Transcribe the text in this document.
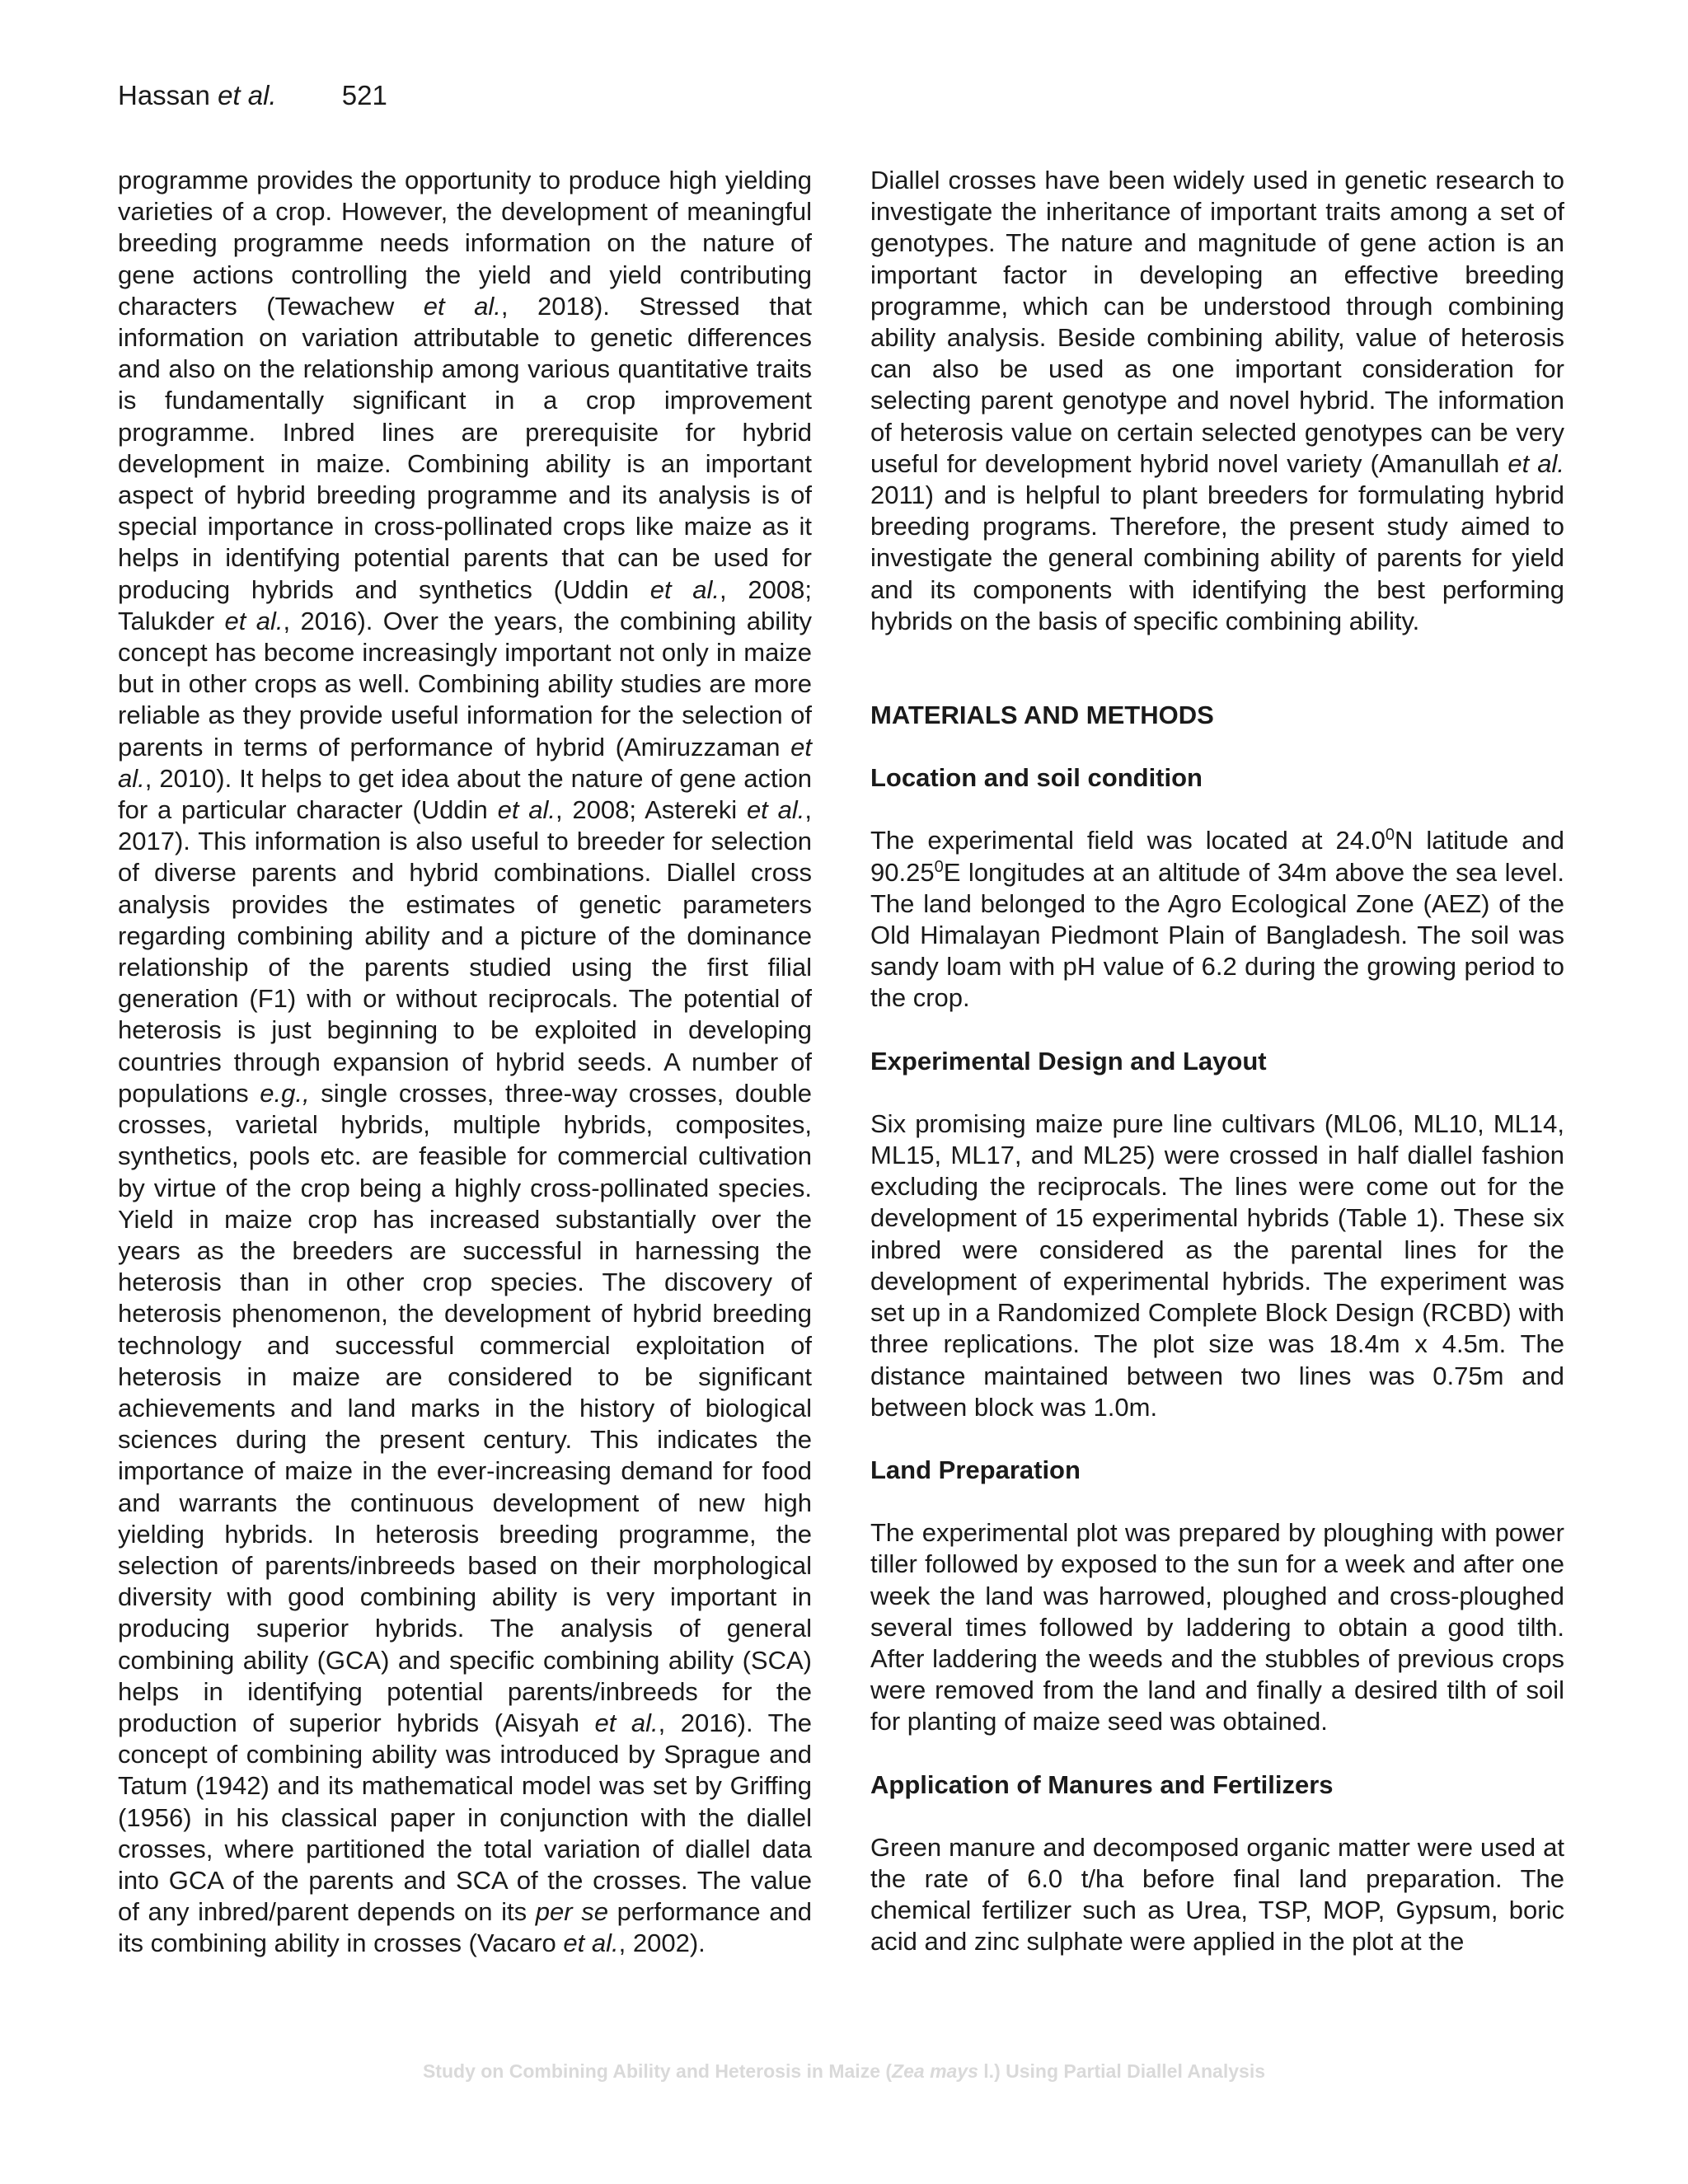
Hassan et al. 521

programme provides the opportunity to produce high yielding varieties of a crop. However, the development of meaningful breeding programme needs information on the nature of gene actions controlling the yield and yield contributing characters (Tewachew et al., 2018). Stressed that information on variation attributable to genetic differences and also on the relationship among various quantitative traits is fundamentally significant in a crop improvement programme. Inbred lines are prerequisite for hybrid development in maize. Combining ability is an important aspect of hybrid breeding programme and its analysis is of special importance in cross-pollinated crops like maize as it helps in identifying potential parents that can be used for producing hybrids and synthetics (Uddin et al., 2008; Talukder et al., 2016). Over the years, the combining ability concept has become increasingly important not only in maize but in other crops as well. Combining ability studies are more reliable as they provide useful information for the selection of parents in terms of performance of hybrid (Amiruzzaman et al., 2010). It helps to get idea about the nature of gene action for a particular character (Uddin et al., 2008; Astereki et al., 2017). This information is also useful to breeder for selection of diverse parents and hybrid combinations. Diallel cross analysis provides the estimates of genetic parameters regarding combining ability and a picture of the dominance relationship of the parents studied using the first filial generation (F1) with or without reciprocals. The potential of heterosis is just beginning to be exploited in developing countries through expansion of hybrid seeds. A number of populations e.g., single crosses, three-way crosses, double crosses, varietal hybrids, multiple hybrids, composites, synthetics, pools etc. are feasible for commercial cultivation by virtue of the crop being a highly cross-pollinated species. Yield in maize crop has increased substantially over the years as the breeders are successful in harnessing the heterosis than in other crop species. The discovery of heterosis phenomenon, the development of hybrid breeding technology and successful commercial exploitation of heterosis in maize are considered to be significant achievements and land marks in the history of biological sciences during the present century. This indicates the importance of maize in the ever-increasing demand for food and warrants the continuous development of new high yielding hybrids. In heterosis breeding programme, the selection of parents/inbreeds based on their morphological diversity with good combining ability is very important in producing superior hybrids. The analysis of general combining ability (GCA) and specific combining ability (SCA) helps in identifying potential parents/inbreeds for the production of superior hybrids (Aisyah et al., 2016). The concept of combining ability was introduced by Sprague and Tatum (1942) and its mathematical model was set by Griffing (1956) in his classical paper in conjunction with the diallel crosses, where partitioned the total variation of diallel data into GCA of the parents and SCA of the crosses. The value of any inbred/parent depends on its per se performance and its combining ability in crosses (Vacaro et al., 2002).

Diallel crosses have been widely used in genetic research to investigate the inheritance of important traits among a set of genotypes. The nature and magnitude of gene action is an important factor in developing an effective breeding programme, which can be understood through combining ability analysis. Beside combining ability, value of heterosis can also be used as one important consideration for selecting parent genotype and novel hybrid. The information of heterosis value on certain selected genotypes can be very useful for development hybrid novel variety (Amanullah et al. 2011) and is helpful to plant breeders for formulating hybrid breeding programs. Therefore, the present study aimed to investigate the general combining ability of parents for yield and its components with identifying the best performing hybrids on the basis of specific combining ability.

MATERIALS AND METHODS
Location and soil condition

The experimental field was located at 24.0$^0$N latitude and 90.25$^0$E longitudes at an altitude of 34m above the sea level. The land belonged to the Agro Ecological Zone (AEZ) of the Old Himalayan Piedmont Plain of Bangladesh. The soil was sandy loam with pH value of 6.2 during the growing period to the crop.

Experimental Design and Layout

Six promising maize pure line cultivars (ML06, ML10, ML14, ML15, ML17, and ML25) were crossed in half diallel fashion excluding the reciprocals. The lines were come out for the development of 15 experimental hybrids (Table 1). These six inbred were considered as the parental lines for the development of experimental hybrids. The experiment was set up in a Randomized Complete Block Design (RCBD) with three replications. The plot size was 18.4m x 4.5m. The distance maintained between two lines was 0.75m and between block was 1.0m.

Land Preparation

The experimental plot was prepared by ploughing with power tiller followed by exposed to the sun for a week and after one week the land was harrowed, ploughed and cross-ploughed several times followed by laddering to obtain a good tilth. After laddering the weeds and the stubbles of previous crops were removed from the land and finally a desired tilth of soil for planting of maize seed was obtained.

Application of Manures and Fertilizers

Green manure and decomposed organic matter were used at the rate of 6.0 t/ha before final land preparation. The chemical fertilizer such as Urea, TSP, MOP, Gypsum, boric acid and zinc sulphate were applied in the plot at the

Study on Combining Ability and Heterosis in Maize (Zea mays l.) Using Partial Diallel Analysis
